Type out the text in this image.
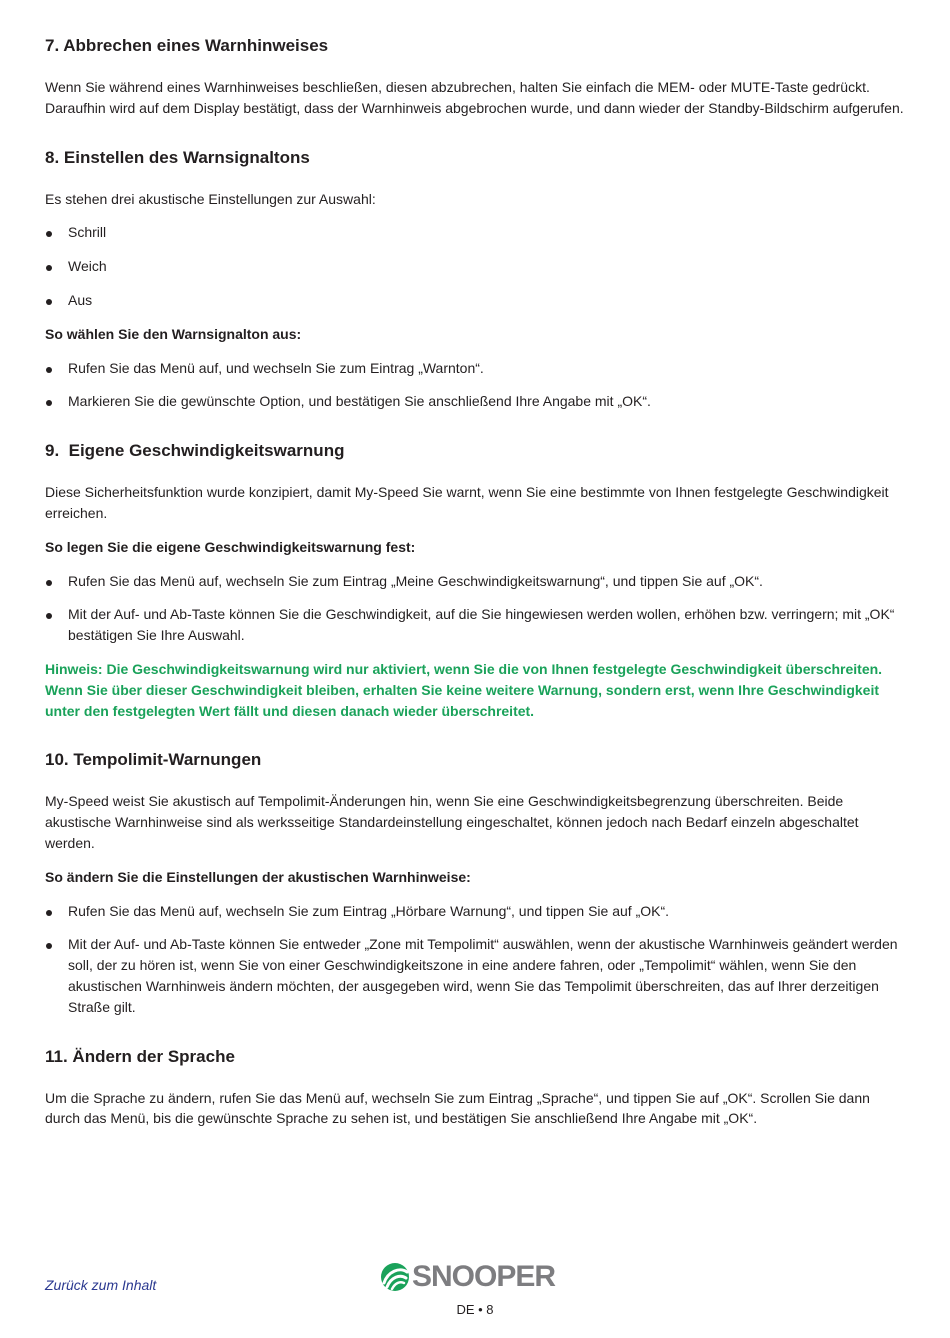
7. Abbrechen eines Warnhinweises

Wenn Sie während eines Warnhinweises beschließen, diesen abzubrechen, halten Sie einfach die MEM- oder MUTE-Taste gedrückt. Daraufhin wird auf dem Display bestätigt, dass der Warnhinweis abgebrochen wurde, und dann wieder der Standby-Bildschirm aufgerufen.

8. Einstellen des Warnsignaltons

Es stehen drei akustische Einstellungen zur Auswahl:

Schrill
Weich
Aus

So wählen Sie den Warnsignalton aus:

Rufen Sie das Menü auf, und wechseln Sie zum Eintrag „Warnton“.
Markieren Sie die gewünschte Option, und bestätigen Sie anschließend Ihre Angabe mit „OK“.
9.  Eigene Geschwindigkeitswarnung

Diese Sicherheitsfunktion wurde konzipiert, damit My-Speed Sie warnt, wenn Sie eine bestimmte von Ihnen festgelegte Geschwindigkeit erreichen.

So legen Sie die eigene Geschwindigkeitswarnung fest:

Rufen Sie das Menü auf, wechseln Sie zum Eintrag „Meine Geschwindigkeitswarnung“, und tippen Sie auf „OK“.
Mit der Auf- und Ab-Taste können Sie die Geschwindigkeit, auf die Sie hingewiesen werden wollen, erhöhen bzw. verringern; mit „OK“ bestätigen Sie Ihre Auswahl.

Hinweis: Die Geschwindigkeitswarnung wird nur aktiviert, wenn Sie die von Ihnen festgelegte Geschwindigkeit überschreiten. Wenn Sie über dieser Geschwindigkeit bleiben, erhalten Sie keine weitere Warnung, sondern erst, wenn Ihre Geschwindigkeit unter den festgelegten Wert fällt und diesen danach wieder überschreitet.

10. Tempolimit-Warnungen

My-Speed weist Sie akustisch auf Tempolimit-Änderungen hin, wenn Sie eine Geschwindigkeitsbegrenzung überschreiten. Beide akustische Warnhinweise sind als werksseitige Standardeinstellung eingeschaltet, können jedoch nach Bedarf einzeln abgeschaltet werden.

So ändern Sie die Einstellungen der akustischen Warnhinweise:

Rufen Sie das Menü auf, wechseln Sie zum Eintrag „Hörbare Warnung“, und tippen Sie auf „OK“.
Mit der Auf- und Ab-Taste können Sie entweder „Zone mit Tempolimit“ auswählen, wenn der akustische Warnhinweis geändert werden soll, der zu hören ist, wenn Sie von einer Geschwindigkeitszone in eine andere fahren, oder „Tempolimit“ wählen, wenn Sie den akustischen Warnhinweis ändern möchten, der ausgegeben wird, wenn Sie das Tempolimit überschreiten, das auf Ihrer derzeitigen Straße gilt.
11. Ändern der Sprache

Um die Sprache zu ändern, rufen Sie das Menü auf, wechseln Sie zum Eintrag „Sprache“, und tippen Sie auf „OK“. Scrollen Sie dann durch das Menü, bis die gewünschte Sprache zu sehen ist, und bestätigen Sie anschließend Ihre Angabe mit „OK“.

Zurück zum Inhalt	SNOOPER
DE • 8
